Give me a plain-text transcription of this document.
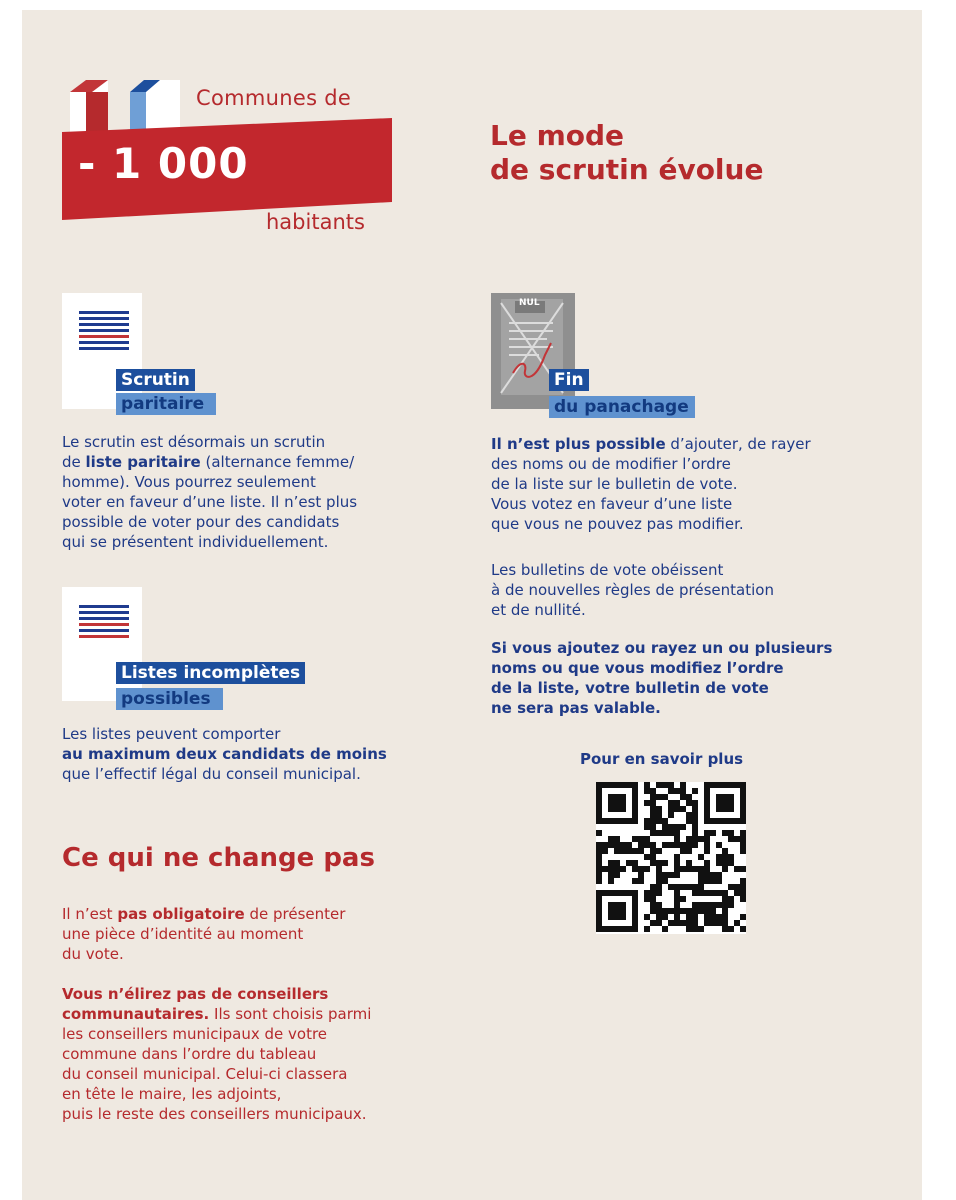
Communes de
- 1 000
habitants
Le mode
de scrutin évolue
Scrutin
paritaire
Le scrutin est désormais un scrutin
de liste paritaire (alternance femme/
homme). Vous pourrez seulement
voter en faveur d’une liste. Il n’est plus
possible de voter pour des candidats
qui se présentent individuellement.
Listes incomplètes
possibles
Les listes peuvent comporter
au maximum deux candidats de moins
que l’effectif légal du conseil municipal.
Ce qui ne change pas
Il n’est pas obligatoire de présenter
une pièce d’identité au moment
du vote.
Vous n’élirez pas de conseillers
communautaires. Ils sont choisis parmi
les conseillers municipaux de votre
commune dans l’ordre du tableau
du conseil municipal. Celui-ci classera
en tête le maire, les adjoints,
puis le reste des conseillers municipaux.
NUL
Fin
du panachage
Il n’est plus possible d’ajouter, de rayer
des noms ou de modifier l’ordre
de la liste sur le bulletin de vote.
Vous votez en faveur d’une liste
que vous ne pouvez pas modifier.
Les bulletins de vote obéissent
à de nouvelles règles de présentation
et de nullité.
Si vous ajoutez ou rayez un ou plusieurs
noms ou que vous modifiez l’ordre
de la liste, votre bulletin de vote
ne sera pas valable.
Pour en savoir plus
